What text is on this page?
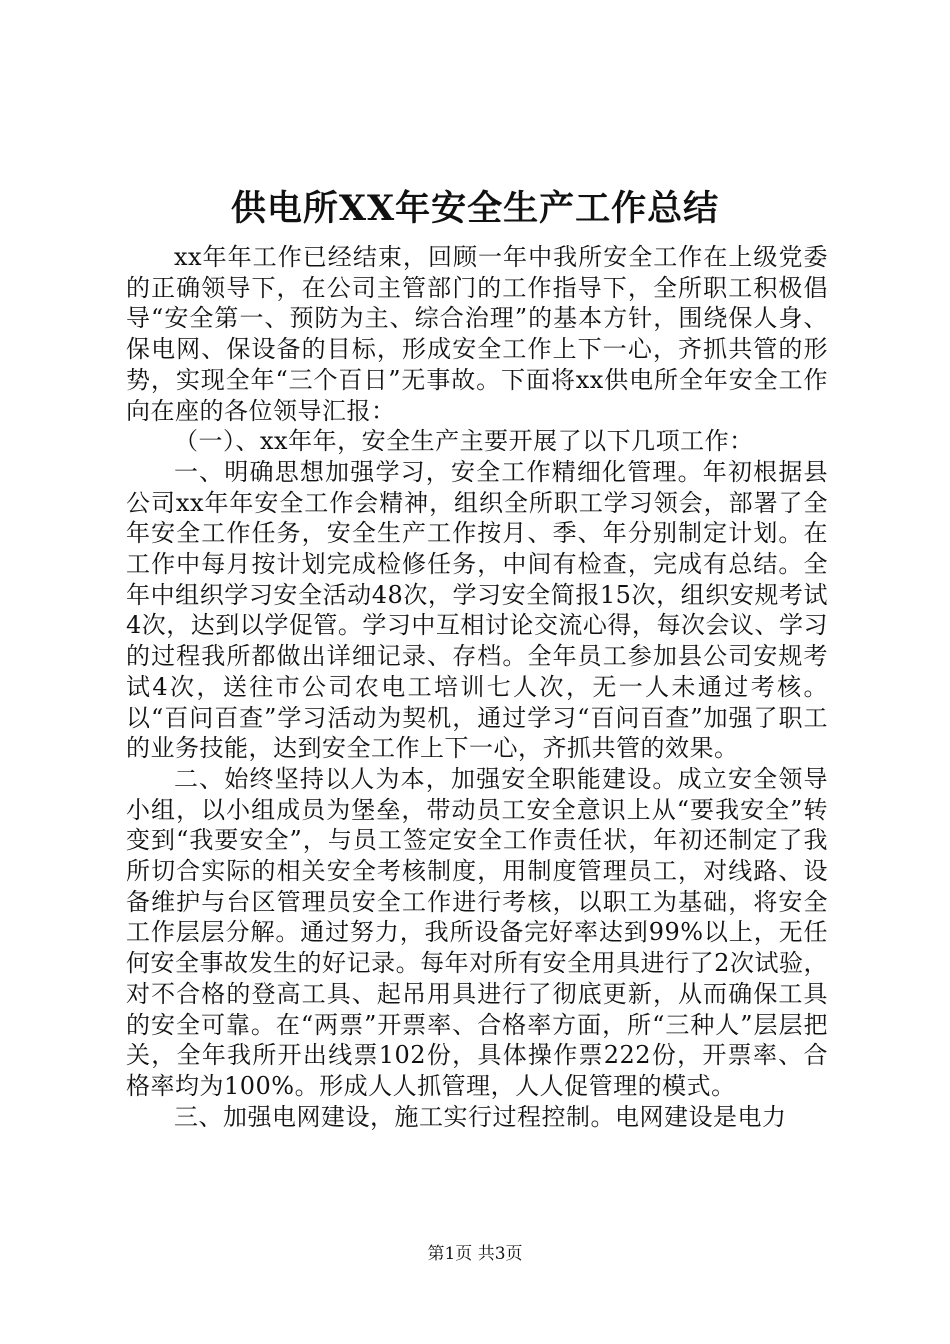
供电所XX年安全生产工作总结

xx年年工作已经结束，回顾一年中我所安全工作在上级党委的正确领导下，在公司主管部门的工作指导下，全所职工积极倡导“安全第一、预防为主、综合治理”的基本方针，围绕保人身、保电网、保设备的目标，形成安全工作上下一心，齐抓共管的形势，实现全年“三个百日”无事故。下面将xx供电所全年安全工作向在座的各位领导汇报：

（一）、xx年年，安全生产主要开展了以下几项工作：

一、明确思想加强学习，安全工作精细化管理。年初根据县公司xx年年安全工作会精神，组织全所职工学习领会，部署了全年安全工作任务，安全生产工作按月、季、年分别制定计划。在工作中每月按计划完成检修任务，中间有检查，完成有总结。全年中组织学习安全活动48次，学习安全简报15次，组织安规考试4次，达到以学促管。学习中互相讨论交流心得，每次会议、学习的过程我所都做出详细记录、存档。全年员工参加县公司安规考试4次，送往市公司农电工培训七人次，无一人未通过考核。以“百问百查”学习活动为契机，通过学习“百问百查”加强了职工的业务技能，达到安全工作上下一心，齐抓共管的效果。

二、始终坚持以人为本，加强安全职能建设。成立安全领导小组，以小组成员为堡垒，带动员工安全意识上从“要我安全”转变到“我要安全”，与员工签定安全工作责任状，年初还制定了我所切合实际的相关安全考核制度，用制度管理员工，对线路、设备维护与台区管理员安全工作进行考核，以职工为基础，将安全工作层层分解。通过努力，我所设备完好率达到99%以上，无任何安全事故发生的好记录。每年对所有安全用具进行了2次试验，对不合格的登高工具、起吊用具进行了彻底更新，从而确保工具的安全可靠。在“两票”开票率、合格率方面，所“三种人”层层把关，全年我所开出线票102份，具体操作票222份，开票率、合格率均为100%。形成人人抓管理，人人促管理的模式。

三、加强电网建设，施工实行过程控制。电网建设是电力

第1页 共3页
